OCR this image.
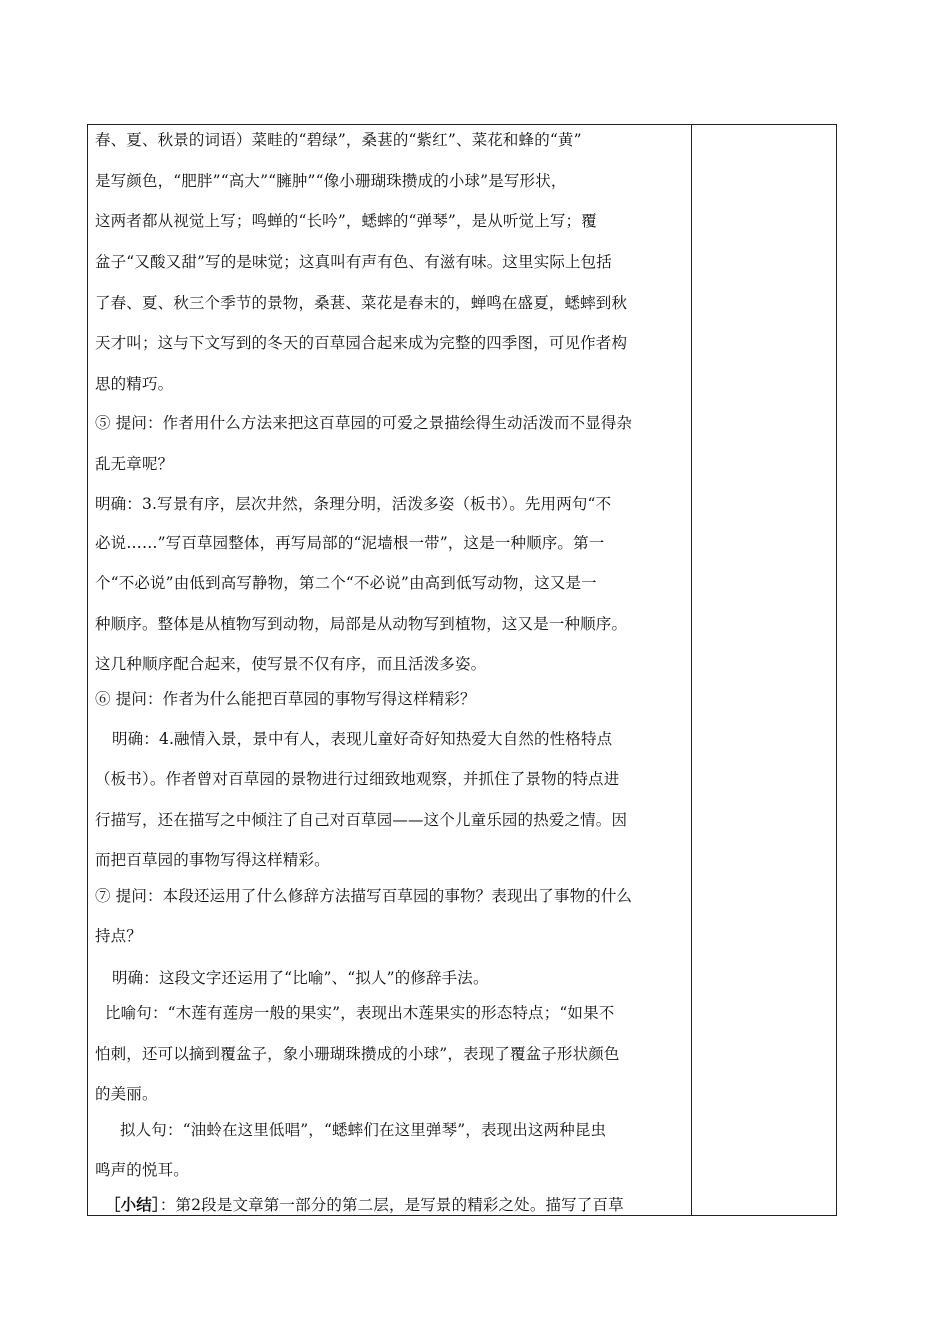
春、夏、秋景的词语）菜畦的“碧绿”，桑葚的“紫红”、菜花和蜂的“黄”
是写颜色，“肥胖”“高大”“臃肿”“像小珊瑚珠攒成的小球”是写形状，
这两者都从视觉上写；鸣蝉的“长吟”，蟋蟀的“弹琴”，是从听觉上写；覆
盆子“又酸又甜”写的是味觉；这真叫有声有色、有滋有味。这里实际上包括
了春、夏、秋三个季节的景物，桑葚、菜花是春末的，蝉鸣在盛夏，蟋蟀到秋
天才叫；这与下文写到的冬天的百草园合起来成为完整的四季图，可见作者构
思的精巧。
⑤ 提问：作者用什么方法来把这百草园的可爱之景描绘得生动活泼而不显得杂
乱无章呢？
明确：3.写景有序，层次井然，条理分明，活泼多姿（板书）。先用两句“不
必说……”写百草园整体，再写局部的“泥墙根一带”，这是一种顺序。第一
个“不必说”由低到高写静物，第二个“不必说”由高到低写动物，这又是一
种顺序。整体是从植物写到动物，局部是从动物写到植物，这又是一种顺序。
这几种顺序配合起来，使写景不仅有序，而且活泼多姿。
⑥ 提问：作者为什么能把百草园的事物写得这样精彩？
明确：4.融情入景，景中有人，表现儿童好奇好知热爱大自然的性格特点
（板书）。作者曾对百草园的景物进行过细致地观察，并抓住了景物的特点进
行描写，还在描写之中倾注了自己对百草园——这个儿童乐园的热爱之情。因
而把百草园的事物写得这样精彩。
⑦ 提问：本段还运用了什么修辞方法描写百草园的事物？表现出了事物的什么
持点？
明确：这段文字还运用了“比喻”、“拟人”的修辞手法。
比喻句：“木莲有莲房一般的果实”，表现出木莲果实的形态特点；“如果不
怕刺，还可以摘到覆盆子，象小珊瑚珠攒成的小球”，表现了覆盆子形状颜色
的美丽。
拟人句：“油蛉在这里低唱”，“蟋蟀们在这里弹琴”，表现出这两种昆虫
鸣声的悦耳。
［小结］：第2段是文章第一部分的第二层，是写景的精彩之处。描写了百草
